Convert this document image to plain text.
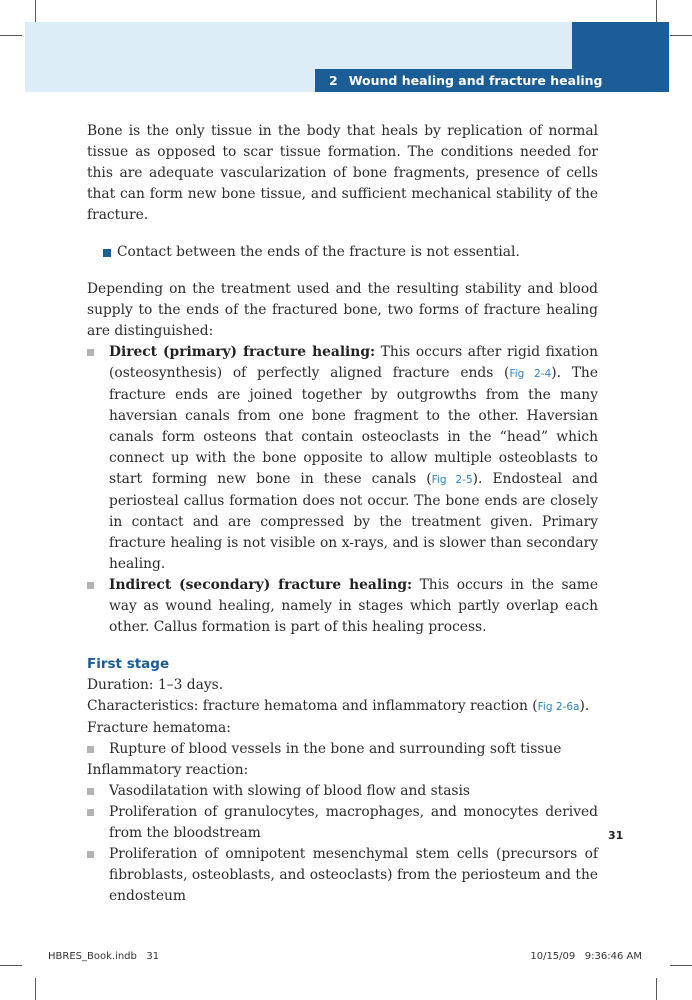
2 Wound healing and fracture healing

Bone is the only tissue in the body that heals by replication of normal tissue as opposed to scar tissue formation. The conditions needed for this are adequate vascularization of bone fragments, presence of cells that can form new bone tissue, and sufficient mechanical stability of the fracture.

Contact between the ends of the fracture is not essential.

Depending on the treatment used and the resulting stability and blood supply to the ends of the fractured bone, two forms of fracture healing are distinguished:

Direct (primary) fracture healing: This occurs after rigid fixation (osteosynthesis) of perfectly aligned fracture ends (Fig 2-4). The fracture ends are joined together by outgrowths from the many haversian canals from one bone fragment to the other. Haversian canals form osteons that contain osteoclasts in the “head” which connect up with the bone opposite to allow multiple osteoblasts to start forming new bone in these canals (Fig 2-5). Endosteal and periosteal callus formation does not occur. The bone ends are closely in contact and are compressed by the treatment given. Primary fracture healing is not visible on x-rays, and is slower than secondary healing.
Indirect (secondary) fracture healing: This occurs in the same way as wound healing, namely in stages which partly overlap each other. Callus formation is part of this healing process.
First stage

Duration: 1–3 days.

Characteristics: fracture hematoma and inflammatory reaction (Fig 2-6a).

Fracture hematoma:

Rupture of blood vessels in the bone and surrounding soft tissue

Inflammatory reaction:

Vasodilatation with slowing of blood flow and stasis
Proliferation of granulocytes, macrophages, and monocytes derived from the bloodstream
Proliferation of omnipotent mesenchymal stem cells (precursors of fibroblasts, osteoblasts, and osteoclasts) from the periosteum and the endosteum
31
HBRES_Book.indb   31	10/15/09   9:36:46 AM
